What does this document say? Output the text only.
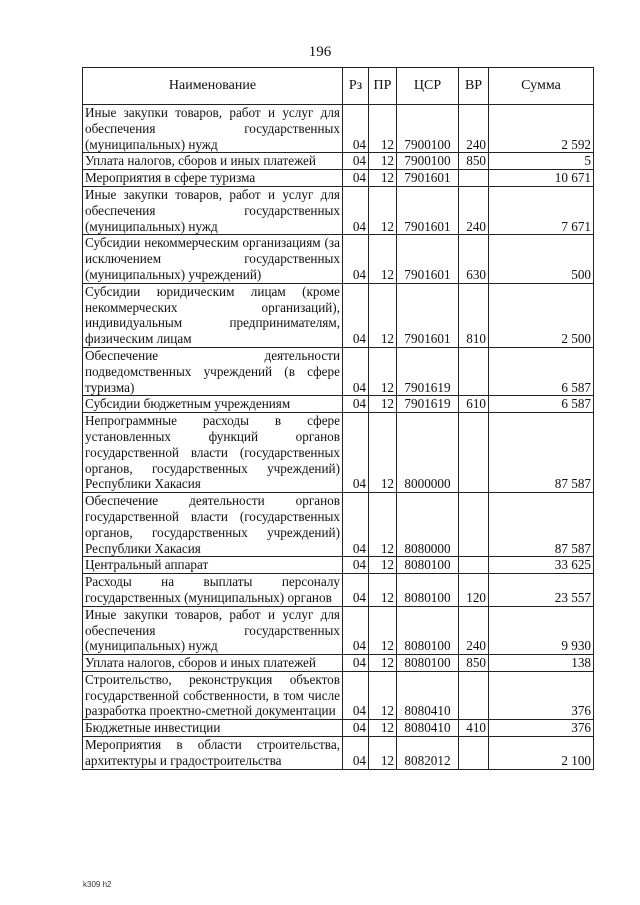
196
Наименование	Рз	ПР	ЦСР	ВР	Сумма
Иные закупки товаров, работ и услуг для обеспечения государственных (муниципальных) нужд	04	12	7900100	240	2 592
Уплата налогов, сборов и иных платежей	04	12	7900100	850	5
Мероприятия в сфере туризма	04	12	7901601		10 671
Иные закупки товаров, работ и услуг для обеспечения государственных (муниципальных) нужд	04	12	7901601	240	7 671
Субсидии некоммерческим организациям (за исключением государственных (муниципальных) учреждений)	04	12	7901601	630	500
Субсидии юридическим лицам (кроме некоммерческих организаций), индивидуальным предпринимателям, физическим лицам	04	12	7901601	810	2 500
Обеспечение деятельности подведомственных учреждений (в сфере туризма)	04	12	7901619		6 587
Субсидии бюджетным учреждениям	04	12	7901619	610	6 587
Непрограммные расходы в сфере установленных функций органов государственной власти (государственных органов, государственных учреждений) Республики Хакасия	04	12	8000000		87 587
Обеспечение деятельности органов государственной власти (государственных органов, государственных учреждений) Республики Хакасия	04	12	8080000		87 587
Центральный аппарат	04	12	8080100		33 625
Расходы на выплаты персоналу государственных (муниципальных) органов	04	12	8080100	120	23 557
Иные закупки товаров, работ и услуг для обеспечения государственных (муниципальных) нужд	04	12	8080100	240	9 930
Уплата налогов, сборов и иных платежей	04	12	8080100	850	138
Строительство, реконструкция объектов государственной собственности, в том числе разработка проектно-сметной документации	04	12	8080410		376
Бюджетные инвестиции	04	12	8080410	410	376
Мероприятия в области строительства, архитектуры и градостроительства	04	12	8082012		2 100
k309 h2
